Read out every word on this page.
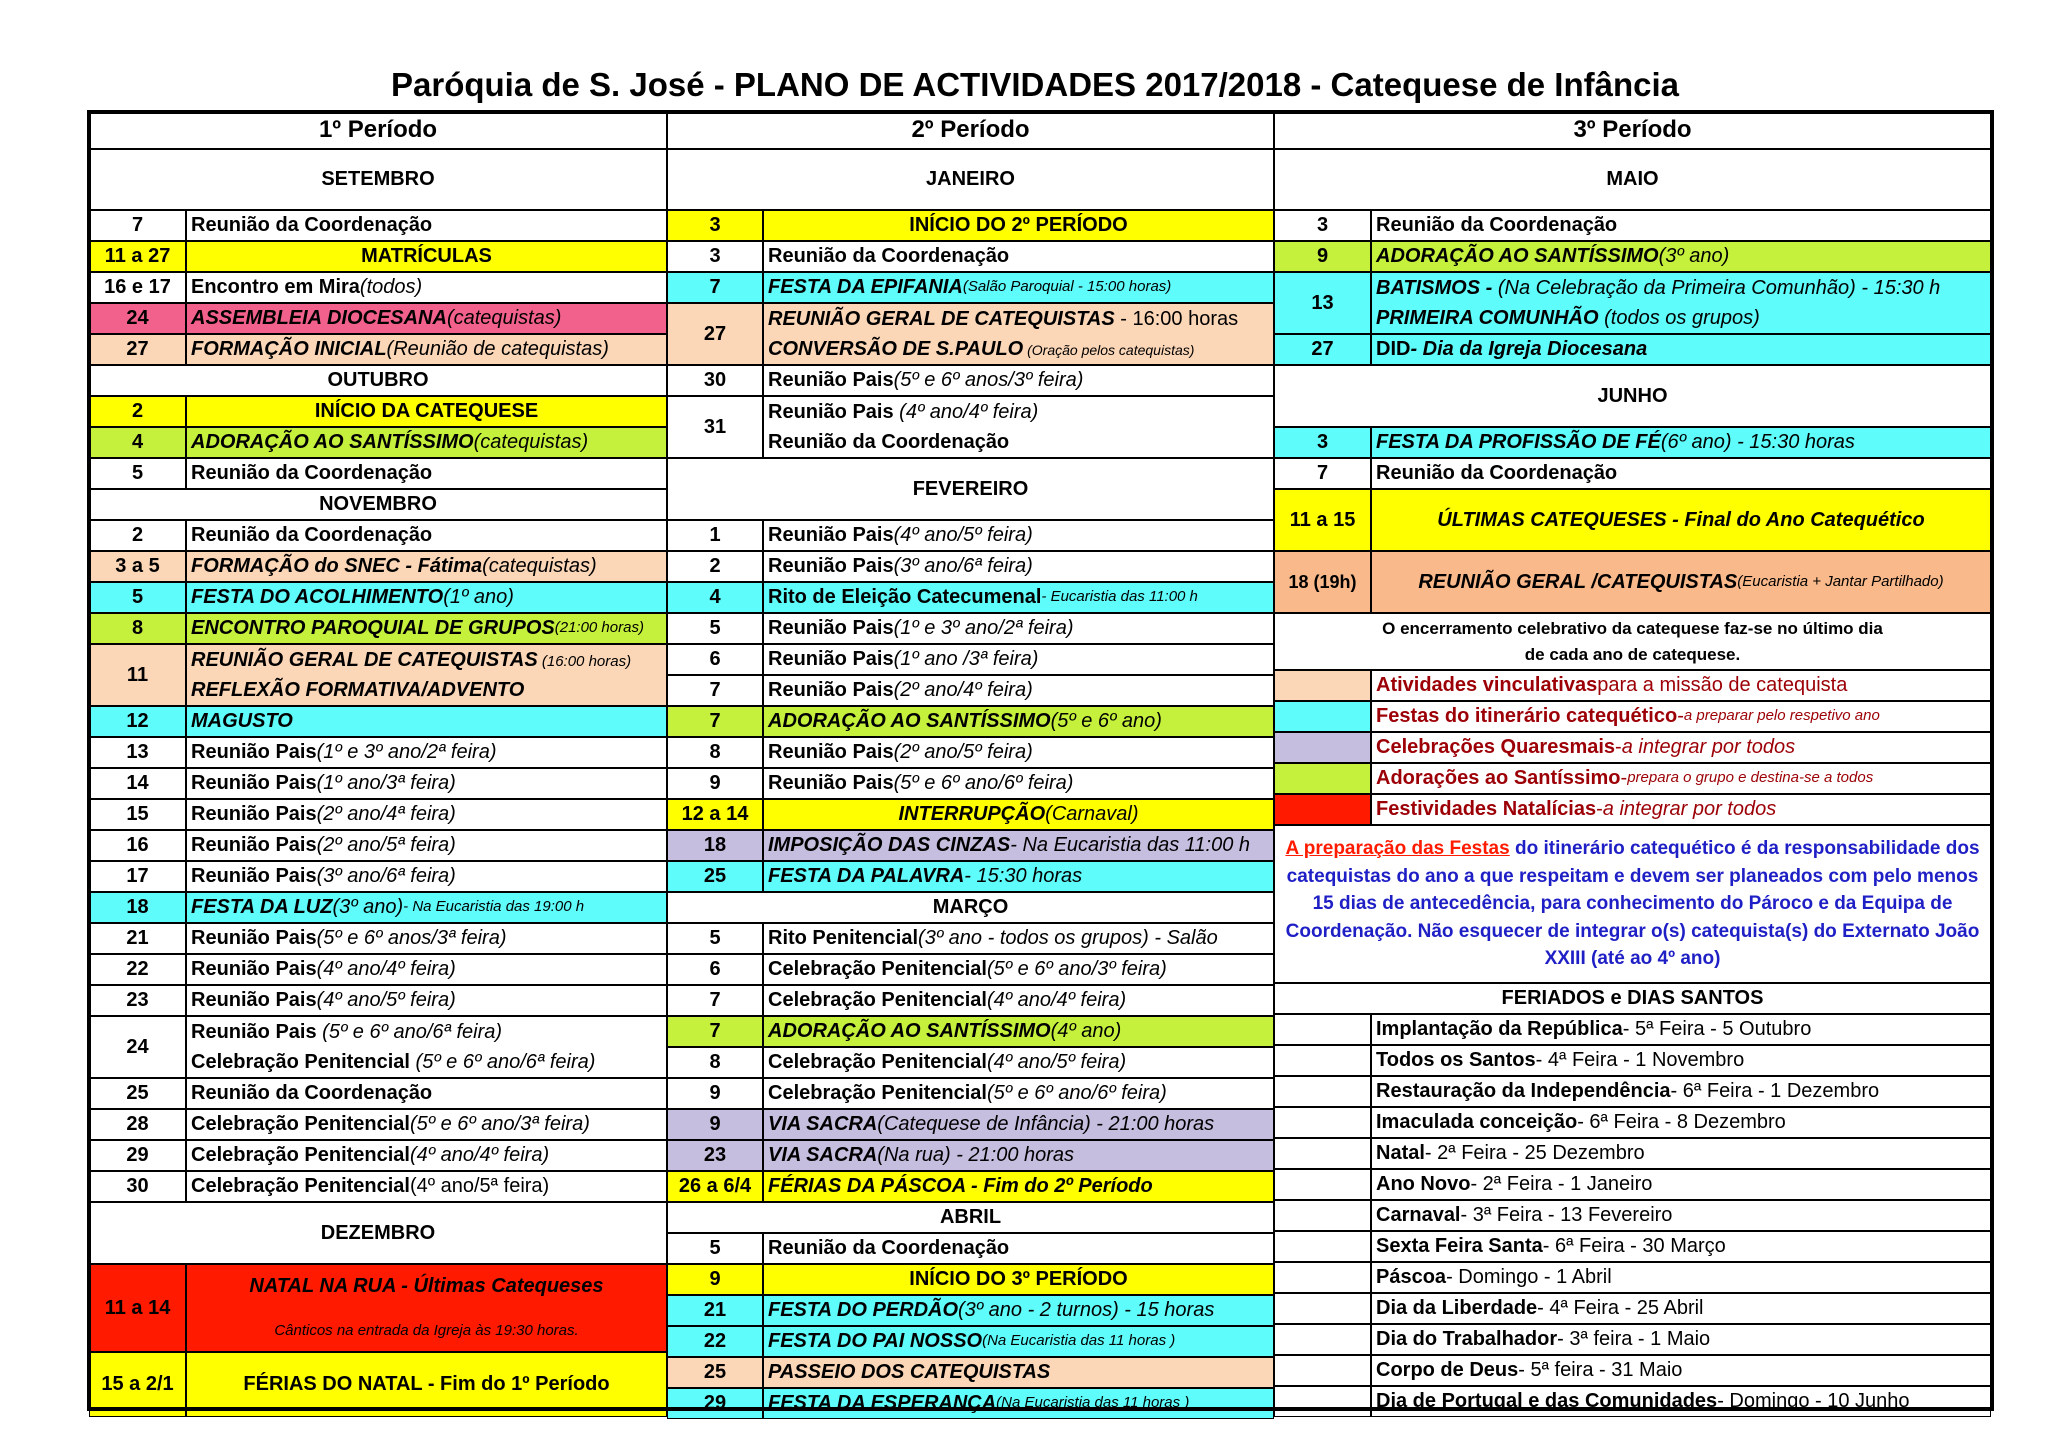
Paróquia de S. José - PLANO DE ACTIVIDADES 2017/2018 - Catequese de Infância
1º Período
SETEMBRO
7	Reunião da Coordenação
11 a 27	MATRÍCULAS
16 e 17	Encontro em Mira (todos)
24	ASSEMBLEIA DIOCESANA (catequistas)
27	FORMAÇÃO INICIAL (Reunião de catequistas)
OUTUBRO
2	INÍCIO DA CATEQUESE
4	ADORAÇÃO AO SANTÍSSIMO (catequistas)
5	Reunião da Coordenação
NOVEMBRO
2	Reunião da Coordenação
3 a 5	FORMAÇÃO do SNEC - Fátima (catequistas)
5	FESTA DO ACOLHIMENTO (1º ano)
8	ENCONTRO PAROQUIAL DE GRUPOS (21:00 horas)
11
REUNIÃO GERAL DE CATEQUISTAS (16:00 horas)
REFLEXÃO FORMATIVA/ADVENTO
12	MAGUSTO
13	Reunião Pais (1º e 3º ano/2ª feira)
14	Reunião Pais (1º ano/3ª feira)
15	Reunião Pais (2º ano/4ª feira)
16	Reunião Pais (2º ano/5ª feira)
17	Reunião Pais (3º ano/6ª feira)
18	FESTA DA LUZ (3º ano) - Na Eucaristia das 19:00 h
21	Reunião Pais (5º e 6º anos/3ª feira)
22	Reunião Pais (4º ano/4º feira)
23	Reunião Pais (4º ano/5º feira)
24
Reunião Pais (5º e 6º ano/6ª feira)
Celebração Penitencial (5º e 6º ano/6ª feira)
25	Reunião da Coordenação
28	Celebração Penitencial (5º e 6º ano/3ª feira)
29	Celebração Penitencial (4º ano/4º feira)
30	Celebração Penitencial (4º ano/5ª feira)
DEZEMBRO
11 a 14
NATAL NA RUA - Últimas Catequeses
Cânticos na entrada da Igreja às 19:30 horas.
15 a 2/1	FÉRIAS DO NATAL - Fim do 1º Período
2º Período
JANEIRO
3	INÍCIO DO 2º PERÍODO
3	Reunião da Coordenação
7	FESTA DA EPIFANIA (Salão Paroquial - 15:00 horas)
27
REUNIÃO GERAL DE CATEQUISTAS - 16:00 horas
CONVERSÃO DE S.PAULO (Oração pelos catequistas)
30	Reunião Pais (5º e 6º anos/3º feira)
31
Reunião Pais (4º ano/4º feira)
Reunião da Coordenação
FEVEREIRO
1	Reunião Pais (4º ano/5º feira)
2	Reunião Pais (3º ano/6ª feira)
4	Rito de Eleição Catecumenal - Eucaristia das 11:00 h
5	Reunião Pais (1º e 3º ano/2ª feira)
6	Reunião Pais (1º ano /3ª feira)
7	Reunião Pais (2º ano/4º feira)
7	ADORAÇÃO AO SANTÍSSIMO (5º e 6º ano)
8	Reunião Pais (2º ano/5º feira)
9	Reunião Pais (5º e 6º ano/6º feira)
12 a 14	INTERRUPÇÃO (Carnaval)
18	IMPOSIÇÃO DAS CINZAS - Na Eucaristia das 11:00 h
25	FESTA DA PALAVRA - 15:30 horas
MARÇO
5	Rito Penitencial (3º ano - todos os grupos) - Salão
6	Celebração Penitencial (5º e 6º ano/3º feira)
7	Celebração Penitencial (4º ano/4º feira)
7	ADORAÇÃO AO SANTÍSSIMO (4º ano)
8	Celebração Penitencial (4º ano/5º feira)
9	Celebração Penitencial (5º e 6º ano/6º feira)
9	VIA SACRA (Catequese de Infância) - 21:00 horas
23	VIA SACRA (Na rua) - 21:00 horas
26 a 6/4 FÉRIAS DA PÁSCOA - Fim do 2º Período
ABRIL
5	Reunião da Coordenação
9	INÍCIO DO 3º PERÍODO
21	FESTA DO PERDÃO (3º ano - 2 turnos) - 15 horas
22	FESTA DO PAI NOSSO (Na Eucaristia das 11 horas )
25	PASSEIO DOS CATEQUISTAS
29	FESTA DA ESPERANÇA (Na Eucaristia das 11 horas )
3º Período
MAIO
3	Reunião da Coordenação
9	ADORAÇÃO AO SANTÍSSIMO (3º ano)
13
BATISMOS - (Na Celebração da Primeira Comunhão) - 15:30 h
PRIMEIRA COMUNHÃO (todos os grupos)
27	DID - Dia da Igreja Diocesana
JUNHO
3	FESTA DA PROFISSÃO DE FÉ (6º ano) - 15:30 horas
7	Reunião da Coordenação
11 a 15	ÚLTIMAS CATEQUESES - Final do Ano Catequético
18 (19h)	REUNIÃO GERAL /CATEQUISTAS (Eucaristia + Jantar Partilhado)
O encerramento celebrativo da catequese faz-se no último dia
de cada ano de catequese.
Atividades vinculativas para a missão de catequista
Festas do itinerário catequético - a preparar pelo respetivo ano
Celebrações Quaresmais - a integrar por todos
Adorações ao Santíssimo - prepara o grupo e destina-se a todos
Festividades Natalícias - a integrar por todos
A preparação das Festas do itinerário catequético é da responsabilidade dos catequistas do ano a que respeitam e devem ser planeados com pelo menos 15 dias de antecedência, para conhecimento do Pároco e da Equipa de Coordenação. Não esquecer de integrar o(s) catequista(s) do Externato João XXIII (até ao 4º ano)
FERIADOS e DIAS SANTOS
Implantação da República - 5ª Feira - 5 Outubro
Todos os Santos - 4ª Feira - 1 Novembro
Restauração da Independência - 6ª Feira - 1 Dezembro
Imaculada conceição - 6ª Feira - 8 Dezembro
Natal - 2ª Feira - 25 Dezembro
Ano Novo - 2ª Feira - 1 Janeiro
Carnaval - 3ª Feira - 13 Fevereiro
Sexta Feira Santa - 6ª Feira - 30 Março
Páscoa - Domingo - 1 Abril
Dia da Liberdade - 4ª Feira - 25 Abril
Dia do Trabalhador - 3ª feira - 1 Maio
Corpo de Deus - 5ª feira - 31 Maio
Dia de Portugal e das Comunidades - Domingo - 10 Junho
